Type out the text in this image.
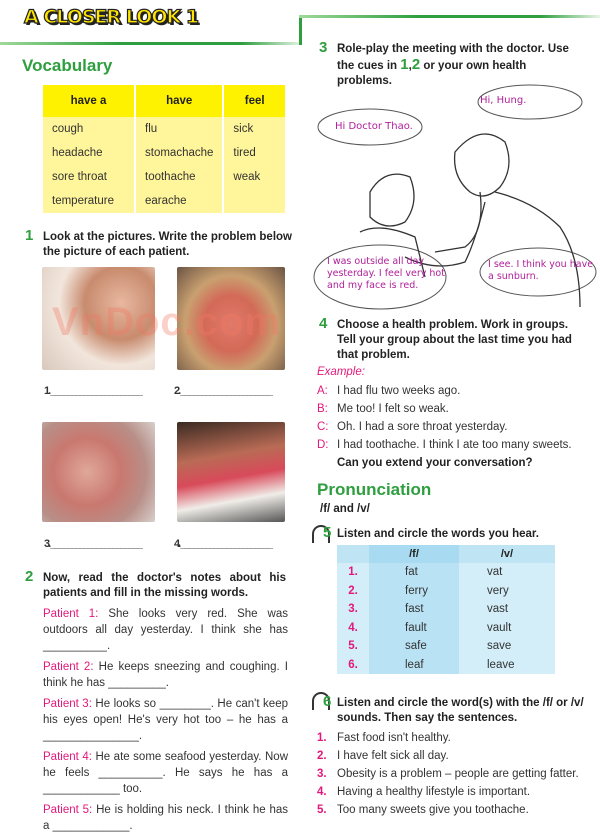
A CLOSER LOOK 1
Vocabulary
have a	have	feel
cough	flu	sick
headache	stomachache	tired
sore throat	toothache	weak
temperature	earache	
1 Look at the pictures. Write the problem below the picture of each patient.
1. ______________________	2. ______________________
3. ______________________	4. ______________________
2 Now, read the doctor's notes about his patients and fill in the missing words.
Patient 1: She looks very red. She was outdoors all day yesterday. I think she has __________.
Patient 2: He keeps sneezing and coughing. I think he has _________.
Patient 3: He looks so ________. He can't keep his eyes open! He's very hot too – he has a _______________.
Patient 4: He ate some seafood yesterday. Now he feels __________. He says he has a ____________ too.
Patient 5: He is holding his neck. I think he has a ____________.
3 Role-play the meeting with the doctor. Use the cues in 1,2 or your own health problems.
Hi, Hung.
Hi Doctor Thao.
I was outside all day yesterday. I feel very hot and my face is red.
I see. I think you have a sunburn.
4 Choose a health problem. Work in groups. Tell your group about the last time you had that problem.
Example:
A: I had flu two weeks ago.
B: Me too! I felt so weak.
C: Oh. I had a sore throat yesterday.
D: I had toothache. I think I ate too many sweets.
Can you extend your conversation?
Pronunciation
/f/ and /v/
5 Listen and circle the words you hear.
	/f/	/v/
1.	fat	vat
2.	ferry	very
3.	fast	vast
4.	fault	vault
5.	safe	save
6.	leaf	leave
6 Listen and circle the word(s) with the /f/ or /v/ sounds. Then say the sentences.
1. Fast food isn't healthy.
2. I have felt sick all day.
3. Obesity is a problem – people are getting fatter.
4. Having a healthy lifestyle is important.
5. Too many sweets give you toothache.
VnDoc.com
